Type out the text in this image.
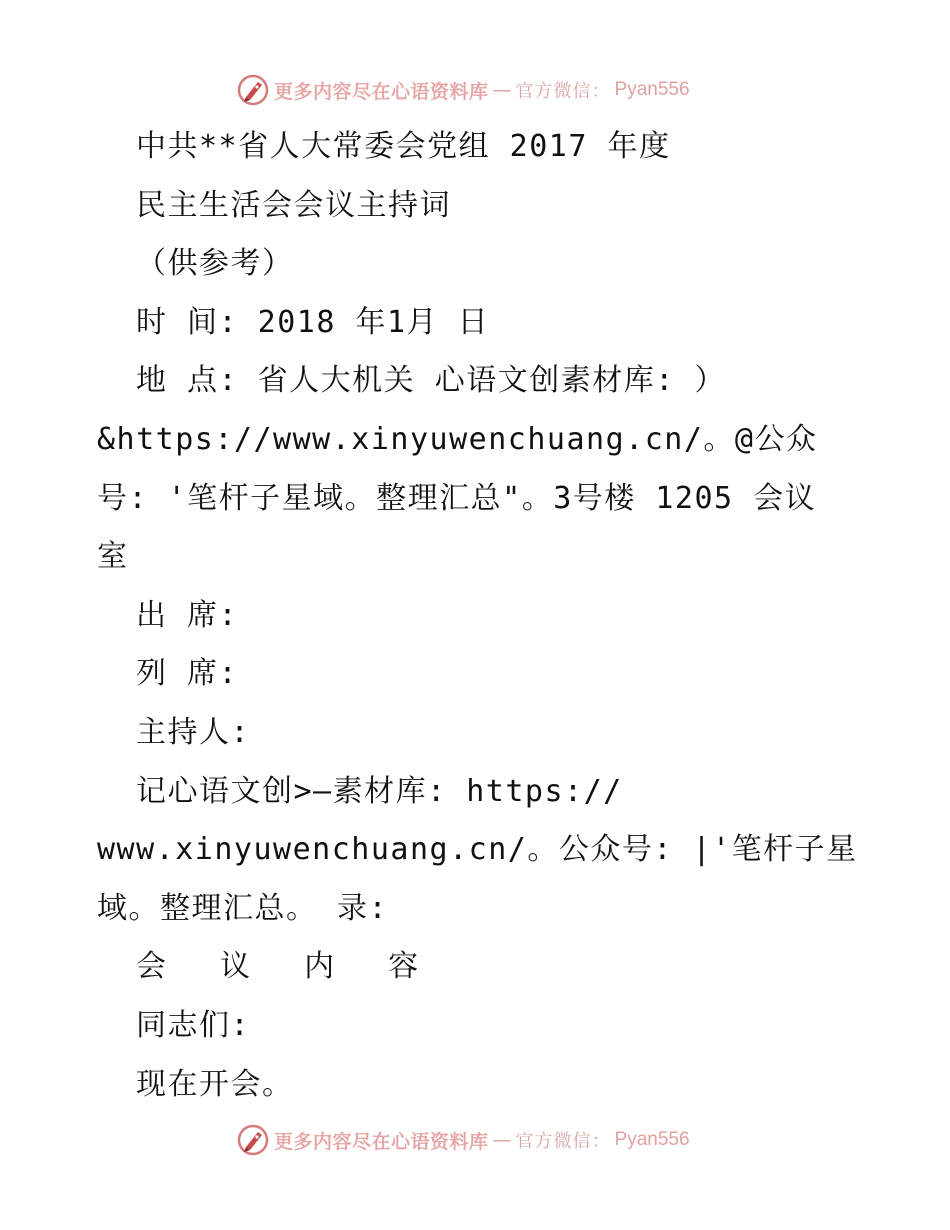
更多内容尽在心语资料库 — 官方微信： Pyan556
中共**省人大常委会党组 2017 年度
民主生活会会议主持词
（供参考）
时 间: 2018 年1月 日
地 点: 省人大机关 心语文创素材库: ）
&https://www.xinyuwenchuang.cn/。@公众
号: '笔杆子星域。整理汇总"。3号楼 1205 会议
室
出 席:
列 席:
主持人:
记心语文创>—素材库: https://
www.xinyuwenchuang.cn/。公众号: |'笔杆子星
域。整理汇总。 录:
会 议 内 容
同志们:
现在开会。
更多内容尽在心语资料库 — 官方微信： Pyan556
